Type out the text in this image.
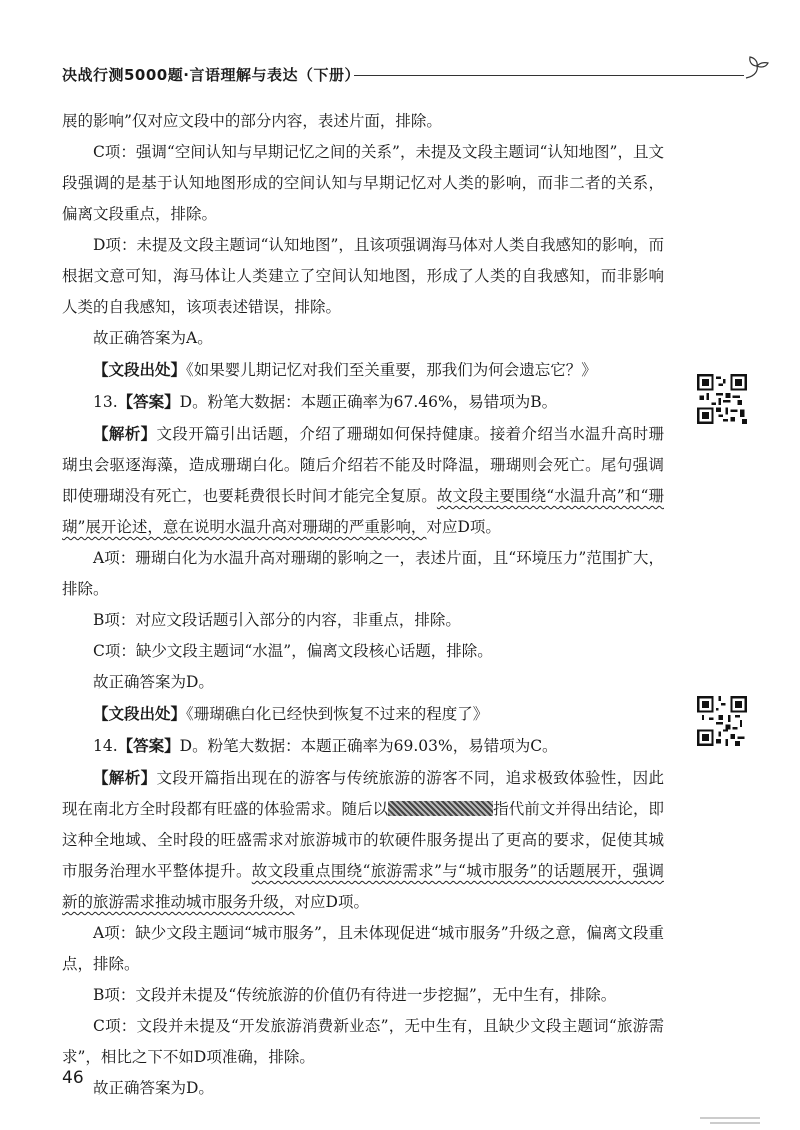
决战行测5000题·言语理解与表达（下册）

展的影响”仅对应文段中的部分内容，表述片面，排除。

C项：强调“空间认知与早期记忆之间的关系”，未提及文段主题词“认知地图”，且文段强调的是基于认知地图形成的空间认知与早期记忆对人类的影响，而非二者的关系，偏离文段重点，排除。

D项：未提及文段主题词“认知地图”，且该项强调海马体对人类自我感知的影响，而根据文意可知，海马体让人类建立了空间认知地图，形成了人类的自我感知，而非影响人类的自我感知，该项表述错误，排除。

故正确答案为A。

【文段出处】《如果婴儿期记忆对我们至关重要，那我们为何会遗忘它？》

13.【答案】D。粉笔大数据：本题正确率为67.46%，易错项为B。

【解析】文段开篇引出话题，介绍了珊瑚如何保持健康。接着介绍当水温升高时珊瑚虫会驱逐海藻，造成珊瑚白化。随后介绍若不能及时降温，珊瑚则会死亡。尾句强调即使珊瑚没有死亡，也要耗费很长时间才能完全复原。故文段主要围绕“水温升高”和“珊瑚”展开论述，意在说明水温升高对珊瑚的严重影响，对应D项。

A项：珊瑚白化为水温升高对珊瑚的影响之一，表述片面，且“环境压力”范围扩大，排除。

B项：对应文段话题引入部分的内容，非重点，排除。

C项：缺少文段主题词“水温”，偏离文段核心话题，排除。

故正确答案为D。

【文段出处】《珊瑚礁白化已经快到恢复不过来的程度了》

14.【答案】D。粉笔大数据：本题正确率为69.03%，易错项为C。

【解析】文段开篇指出现在的游客与传统旅游的游客不同，追求极致体验性，因此现在南北方全时段都有旺盛的体验需求。随后以	指代前文并得出结论，即这种全地域、全时段的旺盛需求对旅游城市的软硬件服务提出了更高的要求，促使其城市服务治理水平整体提升。故文段重点围绕“旅游需求”与“城市服务”的话题展开，强调新的旅游需求推动城市服务升级，对应D项。

A项：缺少文段主题词“城市服务”，且未体现促进“城市服务”升级之意，偏离文段重点，排除。

B项：文段并未提及“传统旅游的价值仍有待进一步挖掘”，无中生有，排除。

C项：文段并未提及“开发旅游消费新业态”，无中生有，且缺少文段主题词“旅游需求”，相比之下不如D项准确，排除。

故正确答案为D。

46
